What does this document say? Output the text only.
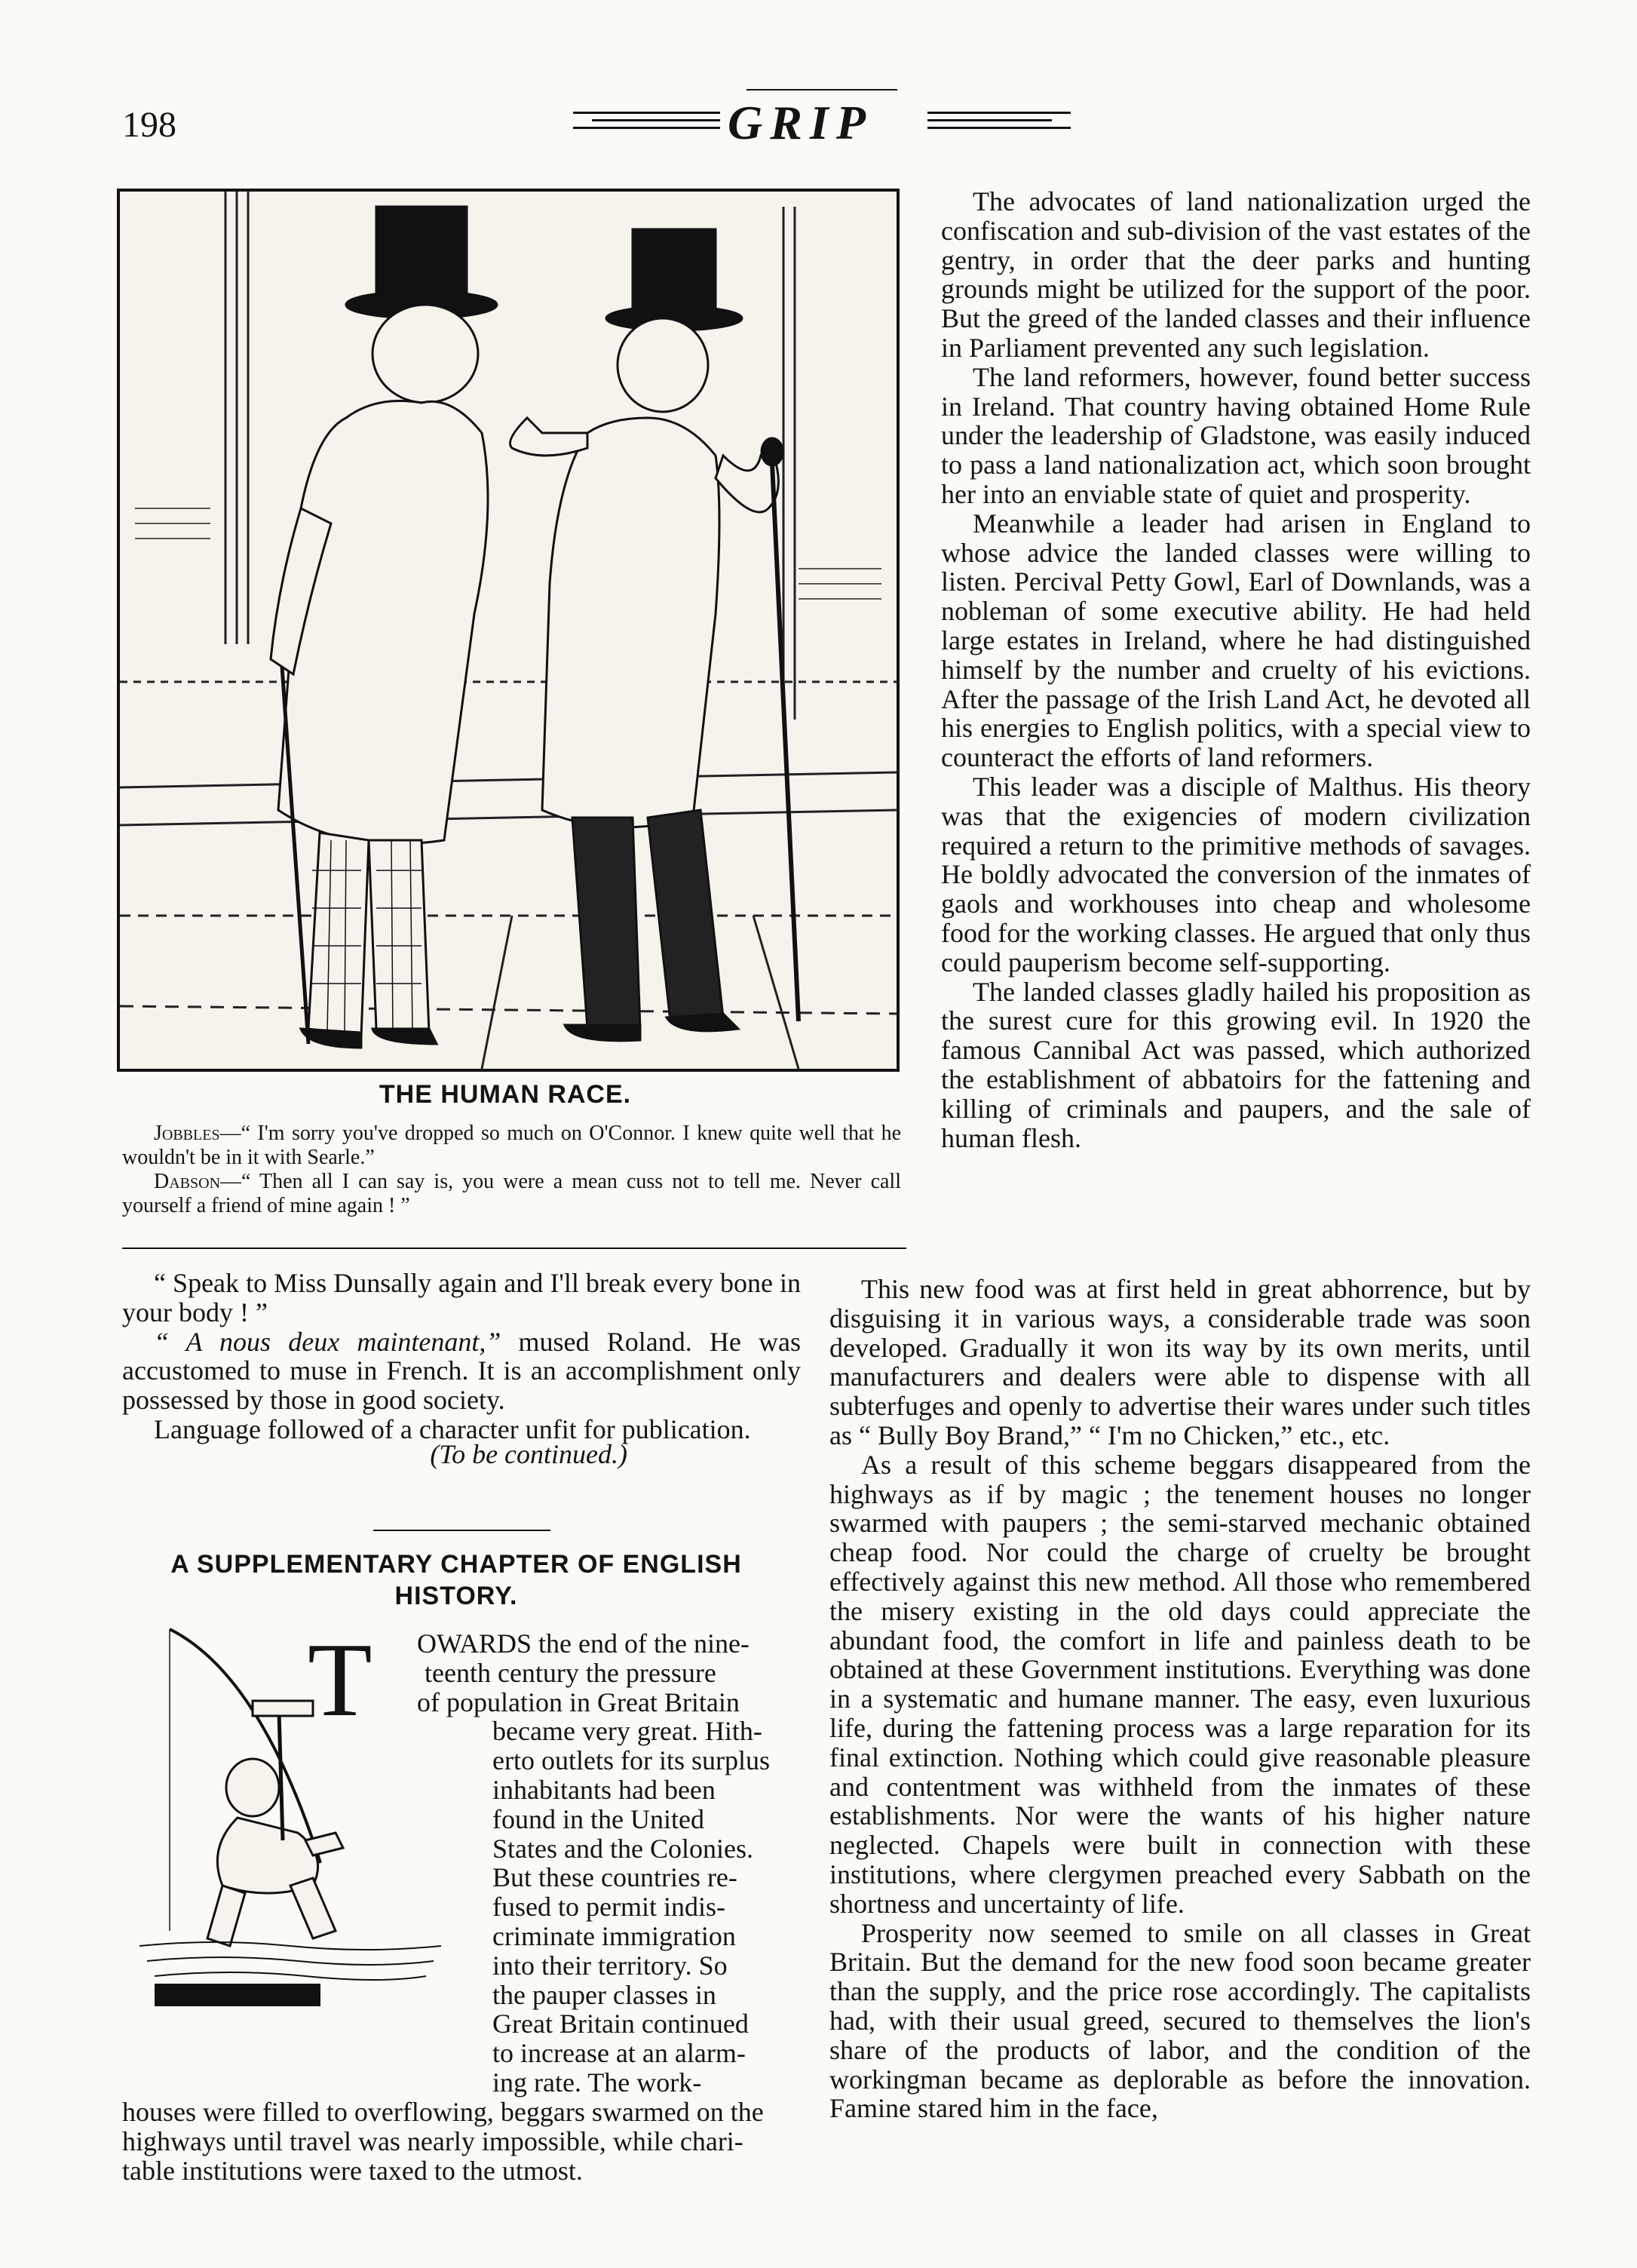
198	GRIP
THE HUMAN RACE.

Jobbles—“ I'm sorry you've dropped so much on O'Connor. I knew quite well that he wouldn't be in it with Searle.”

Dabson—“ Then all I can say is, you were a mean cuss not to tell me. Never call yourself a friend of mine again ! ”

“ Speak to Miss Dunsally again and I'll break every bone in your body ! ”

“ A nous deux maintenant,” mused Roland. He was accustomed to muse in French. It is an accomplishment only possessed by those in good society.

Language followed of a character unfit for publication.

(To be continued.)

A SUPPLEMENTARY CHAPTER OF ENGLISH HISTORY.
T	OWARDS the end of the nine-
teenth century the pressure
of population in Great Britain
became very great. Hith-
erto outlets for its surplus
inhabitants had been
found in the United
States and the Colonies.
But these countries re-
fused to permit indis-
criminate immigration
into their territory. So
the pauper classes in
Great Britain continued
to increase at an alarm-
ing rate. The work-
houses were filled to overflowing, beggars swarmed on the
highways until travel was nearly impossible, while chari-
table institutions were taxed to the utmost.

The advocates of land nationalization urged the confiscation and sub-division of the vast estates of the gentry, in order that the deer parks and hunting grounds might be utilized for the support of the poor. But the greed of the landed classes and their influence in Parliament prevented any such legislation.

The land reformers, however, found better success in Ireland. That country having obtained Home Rule under the leadership of Gladstone, was easily induced to pass a land nationalization act, which soon brought her into an enviable state of quiet and prosperity.

Meanwhile a leader had arisen in England to whose advice the landed classes were willing to listen. Percival Petty Gowl, Earl of Downlands, was a nobleman of some executive ability. He had held large estates in Ireland, where he had distinguished himself by the number and cruelty of his evictions. After the passage of the Irish Land Act, he devoted all his energies to English politics, with a special view to counteract the efforts of land reformers.

This leader was a disciple of Malthus. His theory was that the exigencies of modern civilization required a return to the primitive methods of savages. He boldly advocated the conversion of the inmates of gaols and workhouses into cheap and wholesome food for the working classes. He argued that only thus could pauperism become self-supporting.

The landed classes gladly hailed his proposition as the surest cure for this growing evil. In 1920 the famous Cannibal Act was passed, which authorized the establishment of abbatoirs for the fattening and killing of criminals and paupers, and the sale of human flesh.

This new food was at first held in great abhorrence, but by disguising it in various ways, a considerable trade was soon developed. Gradually it won its way by its own merits, until manufacturers and dealers were able to dispense with all subterfuges and openly to advertise their wares under such titles as “ Bully Boy Brand,” “ I'm no Chicken,” etc., etc.

As a result of this scheme beggars disappeared from the highways as if by magic ; the tenement houses no longer swarmed with paupers ; the semi-starved mechanic obtained cheap food. Nor could the charge of cruelty be brought effectively against this new method. All those who remembered the misery existing in the old days could appreciate the abundant food, the comfort in life and painless death to be obtained at these Government institutions. Everything was done in a systematic and humane manner. The easy, even luxurious life, during the fattening process was a large reparation for its final extinction. Nothing which could give reasonable pleasure and contentment was withheld from the inmates of these establishments. Nor were the wants of his higher nature neglected. Chapels were built in connection with these institutions, where clergymen preached every Sabbath on the shortness and uncertainty of life.

Prosperity now seemed to smile on all classes in Great Britain. But the demand for the new food soon became greater than the supply, and the price rose accordingly. The capitalists had, with their usual greed, secured to themselves the lion's share of the products of labor, and the condition of the workingman became as deplorable as before the innovation. Famine stared him in the face,
